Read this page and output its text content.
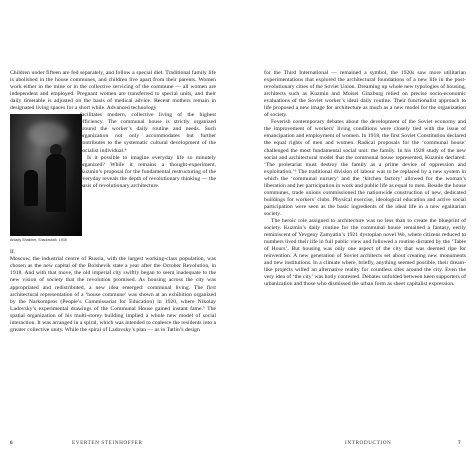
Children under fifteen are fed separately, and follow a special diet. Traditional family life is abolished in the house communes, and children live apart from their parents. Women work either in the mine or in the collective servicing of the commune — all women are independent and employed. Pregnant women are transferred to special units, and their daily timetable is adjusted on the basis of medical advice. Recent mothers remain in designated living spaces for a short while. Advanced technology
Arkady Shaikhet, Shadowtalk, 1935
facilitates modern, collective living of the highest efficiency. The communal house is strictly organized around the worker’s daily routine and needs. Such organization not only accommodates but further contributes to the systematic cultural development of the socialist individual.⁴
Is it possible to imagine everyday life so minutely organized? While it remains a thought-experiment, Kuzmin’s proposal for the fundamental restructuring of the everyday reveals the depth of revolutionary thinking — the basis of revolutionary architecture.
II.
Moscow, the industrial centre of Russia, with the largest working-class population, was chosen as the new capital of the Bolshevik state a year after the October Revolution, in 1918. And with that move, the old imperial city swiftly began to seem inadequate to the new vision of society that the revolution promised. As housing across the city was appropriated and redistributed, a new idea emerged: communal living. The first architectural representation of a ‘house commune’ was shown at an exhibition organized by the Narkompros (People’s Commissariat for Education) in 1920, where Nikolay Ladovsky’s experimental drawings of the Communal House gained instant fame.⁵ The spatial organization of his multi-storey building implied a whole new model of social interaction. It was arranged in a spiral, which was intended to coalesce the residents into a greater collective unity. While the spiral of Ladovsky’s plan — as in Tatlin’s design
for the Third International — remained a symbol, the 1920s saw more utilitarian experimentations that explored the architectural foundations of a new life in the post-revolutionary cities of the Soviet Union. Dreaming up whole new typologies of housing, architects such as Kuzmin and Moisei Ginzburg relied on precise socio-economic evaluations of the Soviet worker’s ideal daily routine. Their functionalist approach to life proposed a new image for architecture as much as a new model for the organization of society.
Feverish contemporary debates about the development of the Soviet economy and the improvement of workers’ living conditions were closely tied with the issue of emancipation and employment of women. In 1918, the first Soviet Constitution declared the equal rights of men and women. Radical proposals for the ‘communal house’ challenged the most fundamental social unit: the family. In his 1928 study of the new social and architectural model that the communal house represented, Kuzmin declared: ‘The proletariat must destroy the family as a prime device of oppression and exploitation.’⁶ The traditional division of labour was to be replaced by a new system in which the ‘communal nursery’ and the ‘kitchen factory’ allowed for the woman’s liberation and her participation in work and public life as equal to men. Beside the house communes, trade unions commissioned the nationwide construction of new, dedicated buildings for workers’ clubs. Physical exercise, ideological education and active social participation were seen as the basic ingredients of the ideal life in a new egalitarian society.
The heroic role assigned to architecture was no less than to create the blueprint of society. Kuzmin’s daily routine for the communal house remained a fantasy, eerily reminiscent of Yevgeny Zamyatin’s 1921 dystopian novel We, where citizens reduced to numbers lived their life in full public view and followed a routine dictated by the ‘Table of Hours’. But housing was only one aspect of the city that was deemed ripe for reinvention. A new generation of Soviet architects set about creating new monuments and new institutions. In a climate where, briefly, anything seemed possible, their dream-like projects willed an alternative reality for countless sites around the city. Even the very idea of ‘the city’ was hotly contested. Debates unfolded between keen supporters of urbanization and those who dismissed the urban form as sheer capitalist expression.
6	EVERTEN STEINHOFFER	INTRODUCTION	7
